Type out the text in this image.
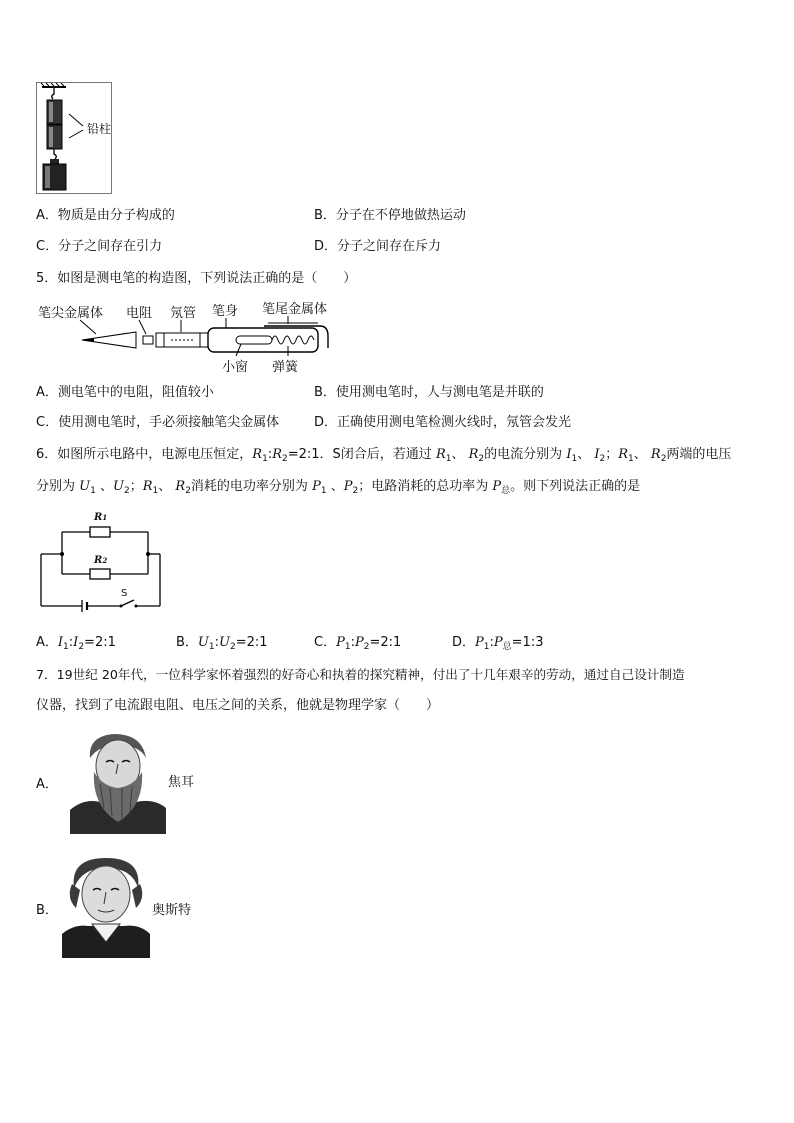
铅柱
A．物质是由分子构成的	B．分子在不停地做热运动
C．分子之间存在引力	D．分子之间存在斥力
5．如图是测电笔的构造图，下列说法正确的是（　　）
笔尖金属体 电阻 氖管 笔身 笔尾金属体
小窗 弹簧
A．测电笔中的电阻，阻值较小	B．使用测电笔时，人与测电笔是并联的
C．使用测电笔时，手必须接触笔尖金属体	D．正确使用测电笔检测火线时，氖管会发光
6．如图所示电路中，电源电压恒定，$R_1:R_2=2:1$．S闭合后，若通过 $R_1$、 $R_2$的电流分别为 $I_1$、 $I_2$；$R_1$、 $R_2$两端的电压
分别为 $U_1$ 、$U_2$；$R_1$、 $R_2$消耗的电功率分别为 $P_1$ 、$P_2$；电路消耗的总功率为 $P_总$。则下列说法正确的是
R1
R2
S
A．$I_1:I_2=2:1$	B．$U_1:U_2=2:1$	C．$P_1:P_2=2:1$	D．$P_1:P_总=1:3$
7．19世纪 20年代，一位科学家怀着强烈的好奇心和执着的探究精神，付出了十几年艰辛的劳动，通过自己设计制造
仪器，找到了电流跟电阻、电压之间的关系，他就是物理学家（　　）
A．	焦耳
B．	奥斯特
